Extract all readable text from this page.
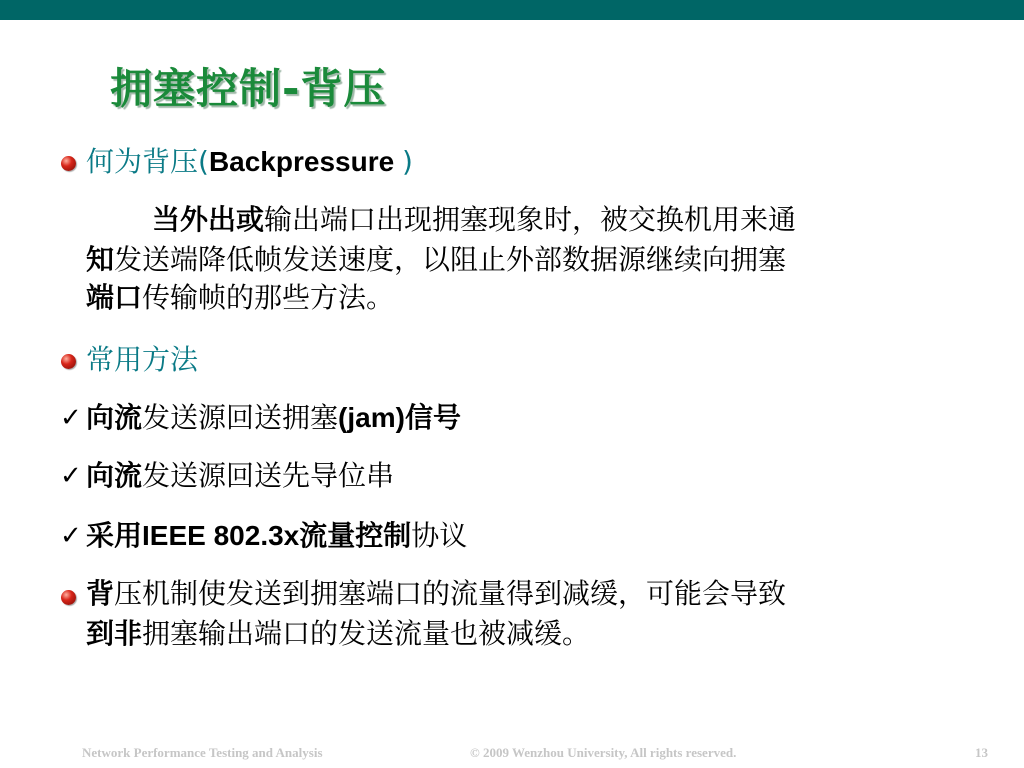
拥塞控制-背压
何为背压(Backpressure )
当外出或输出端口出现拥塞现象时，被交换机用来通
知发送端降低帧发送速度，以阻止外部数据源继续向拥塞
端口传输帧的那些方法。
常用方法
✓ 向流发送源回送拥塞(jam)信号
✓ 向流发送源回送先导位串
✓ 采用IEEE 802.3x流量控制协议
背压机制使发送到拥塞端口的流量得到减缓，可能会导致
到非拥塞输出端口的发送流量也被减缓。
Network Performance Testing and Analysis	© 2009 Wenzhou University, All rights reserved.	13
